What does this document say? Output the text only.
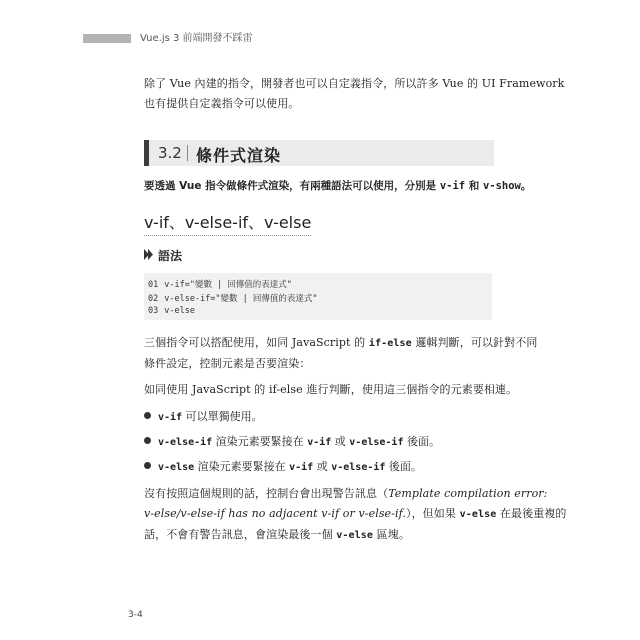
Vue.js 3 前端開發不踩雷
除了 Vue 內建的指令，開發者也可以自定義指令，所以許多 Vue 的 UI Framework
也有提供自定義指令可以使用。
3.2 條件式渲染
要透過 Vue 指令做條件式渲染，有兩種語法可以使用，分別是 v-if 和 v-show。
v-if、v-else-if、v-else
語法
01 v-if="變數 | 回傳值的表達式"
02 v-else-if="變數 | 回傳值的表達式"
03 v-else
三個指令可以搭配使用，如同 JavaScript 的 if-else 邏輯判斷，可以針對不同
條件設定，控制元素是否要渲染：
如同使用 JavaScript 的 if-else 進行判斷，使用這三個指令的元素要相連。
v-if 可以單獨使用。
v-else-if 渲染元素要緊接在 v-if 或 v-else-if 後面。
v-else 渲染元素要緊接在 v-if 或 v-else-if 後面。
沒有按照這個規則的話，控制台會出現警告訊息（Template compilation error:
v-else/v-else-if has no adjacent v-if or v-else-if.），但如果 v-else 在最後重複的
話，不會有警告訊息，會渲染最後一個 v-else 區塊。
3-4
